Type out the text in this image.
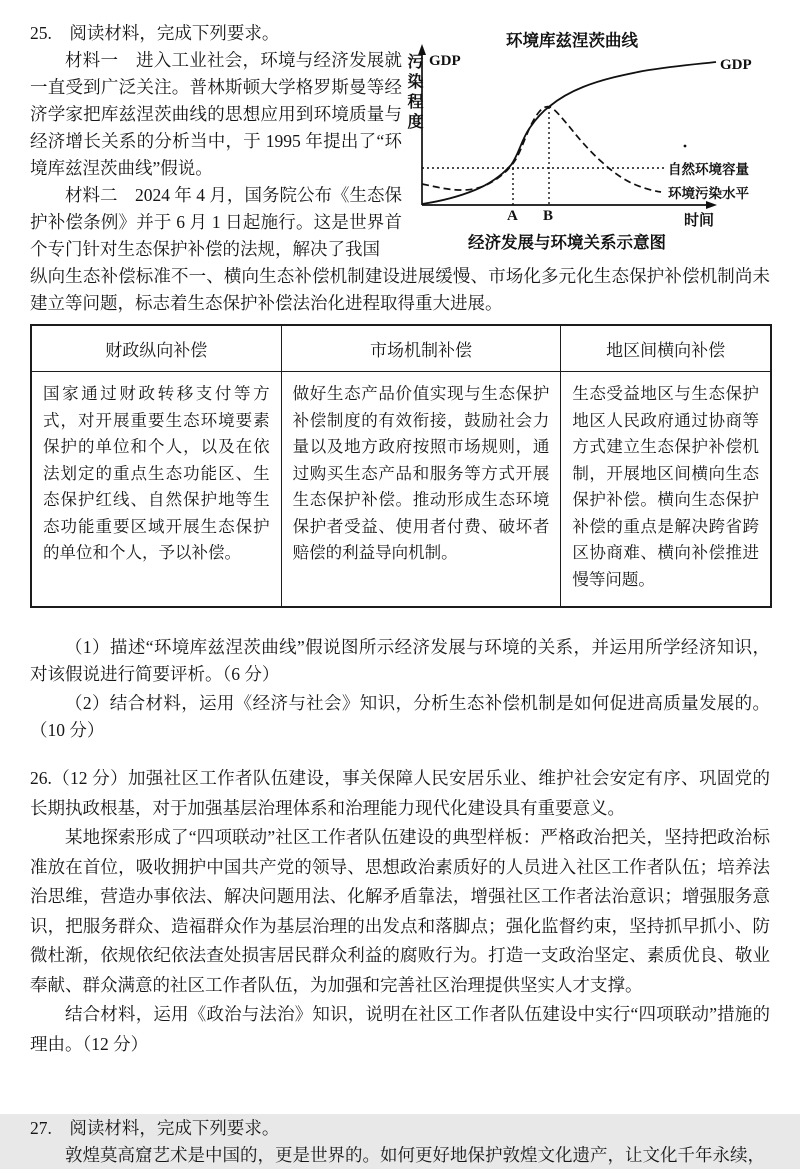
25.　阅读材料，完成下列要求。

材料一　进入工业社会，环境与经济发展就一直受到广泛关注。普林斯顿大学格罗斯曼等经济学家把库兹涅茨曲线的思想应用到环境质量与经济增长关系的分析当中，于 1995 年提出了“环境库兹涅茨曲线”假说。

材料二　2024 年 4 月，国务院公布《生态保护补偿条例》并于 6 月 1 日起施行。这是世界首个专门针对生态保护补偿的法规，解决了我国

环境库兹涅茨曲线
污染程度 GDP	GDP
自然环境容量
环境污染水平
A B	时间
经济发展与环境关系示意图

纵向生态补偿标准不一、横向生态补偿机制建设进展缓慢、市场化多元化生态保护补偿机制尚未建立等问题，标志着生态保护补偿法治化进程取得重大进展。

财政纵向补偿	市场机制补偿	地区间横向补偿
国家通过财政转移支付等方式，对开展重要生态环境要素保护的单位和个人，以及在依法划定的重点生态功能区、生态保护红线、自然保护地等生态功能重要区域开展生态保护的单位和个人，予以补偿。	做好生态产品价值实现与生态保护补偿制度的有效衔接，鼓励社会力量以及地方政府按照市场规则，通过购买生态产品和服务等方式开展生态保护补偿。推动形成生态环境保护者受益、使用者付费、破坏者赔偿的利益导向机制。	生态受益地区与生态保护地区人民政府通过协商等方式建立生态保护补偿机制，开展地区间横向生态保护补偿。横向生态保护补偿的重点是解决跨省跨区协商难、横向补偿推进慢等问题。

（1）描述“环境库兹涅茨曲线”假说图所示经济发展与环境的关系，并运用所学经济知识，对该假说进行简要评析。（6 分）

（2）结合材料，运用《经济与社会》知识，分析生态补偿机制是如何促进高质量发展的。（10 分）

26.（12 分）加强社区工作者队伍建设，事关保障人民安居乐业、维护社会安定有序、巩固党的长期执政根基，对于加强基层治理体系和治理能力现代化建设具有重要意义。

某地探索形成了“四项联动”社区工作者队伍建设的典型样板：严格政治把关，坚持把政治标准放在首位，吸收拥护中国共产党的领导、思想政治素质好的人员进入社区工作者队伍；培养法治思维，营造办事依法、解决问题用法、化解矛盾靠法，增强社区工作者法治意识；增强服务意识，把服务群众、造福群众作为基层治理的出发点和落脚点；强化监督约束，坚持抓早抓小、防微杜渐，依规依纪依法查处损害居民群众利益的腐败行为。打造一支政治坚定、素质优良、敬业奉献、群众满意的社区工作者队伍，为加强和完善社区治理提供坚实人才支撑。

结合材料，运用《政治与法治》知识，说明在社区工作者队伍建设中实行“四项联动”措施的理由。（12 分）

27.　阅读材料，完成下列要求。

敦煌莫高窟艺术是中国的，更是世界的。如何更好地保护敦煌文化遗产，让文化千年永续，
